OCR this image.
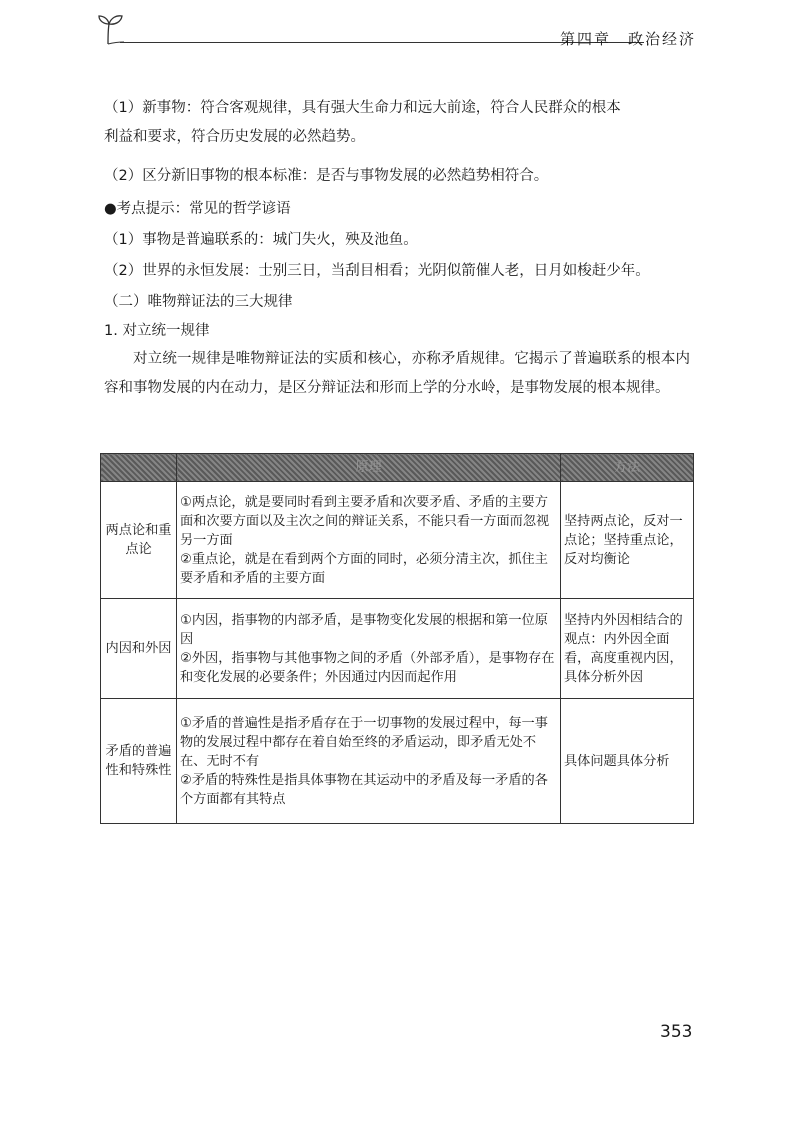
第四章　政治经济
（1）新事物：符合客观规律，具有强大生命力和远大前途，符合人民群众的根本
利益和要求，符合历史发展的必然趋势。
（2）区分新旧事物的根本标准：是否与事物发展的必然趋势相符合。
●考点提示：常见的哲学谚语
（1）事物是普遍联系的：城门失火，殃及池鱼。
（2）世界的永恒发展：士别三日，当刮目相看；光阴似箭催人老，日月如梭赶少年。
（二）唯物辩证法的三大规律
1. 对立统一规律
对立统一规律是唯物辩证法的实质和核心，亦称矛盾规律。它揭示了普遍联系的根本内容和事物发展的内在动力，是区分辩证法和形而上学的分水岭，是事物发展的根本规律。
	原理	方法
两点论和重点论	①两点论，就是要同时看到主要矛盾和次要矛盾、矛盾的主要方面和次要方面以及主次之间的辩证关系，不能只看一方面而忽视另一方面
②重点论，就是在看到两个方面的同时，必须分清主次，抓住主要矛盾和矛盾的主要方面	坚持两点论，反对一点论；坚持重点论，反对均衡论
内因和外因	①内因，指事物的内部矛盾，是事物变化发展的根据和第一位原因
②外因，指事物与其他事物之间的矛盾（外部矛盾），是事物存在和变化发展的必要条件；外因通过内因而起作用	坚持内外因相结合的观点：内外因全面看，高度重视内因，具体分析外因
矛盾的普遍性和特殊性	①矛盾的普遍性是指矛盾存在于一切事物的发展过程中，每一事物的发展过程中都存在着自始至终的矛盾运动，即矛盾无处不在、无时不有
②矛盾的特殊性是指具体事物在其运动中的矛盾及每一矛盾的各个方面都有其特点	具体问题具体分析
353
